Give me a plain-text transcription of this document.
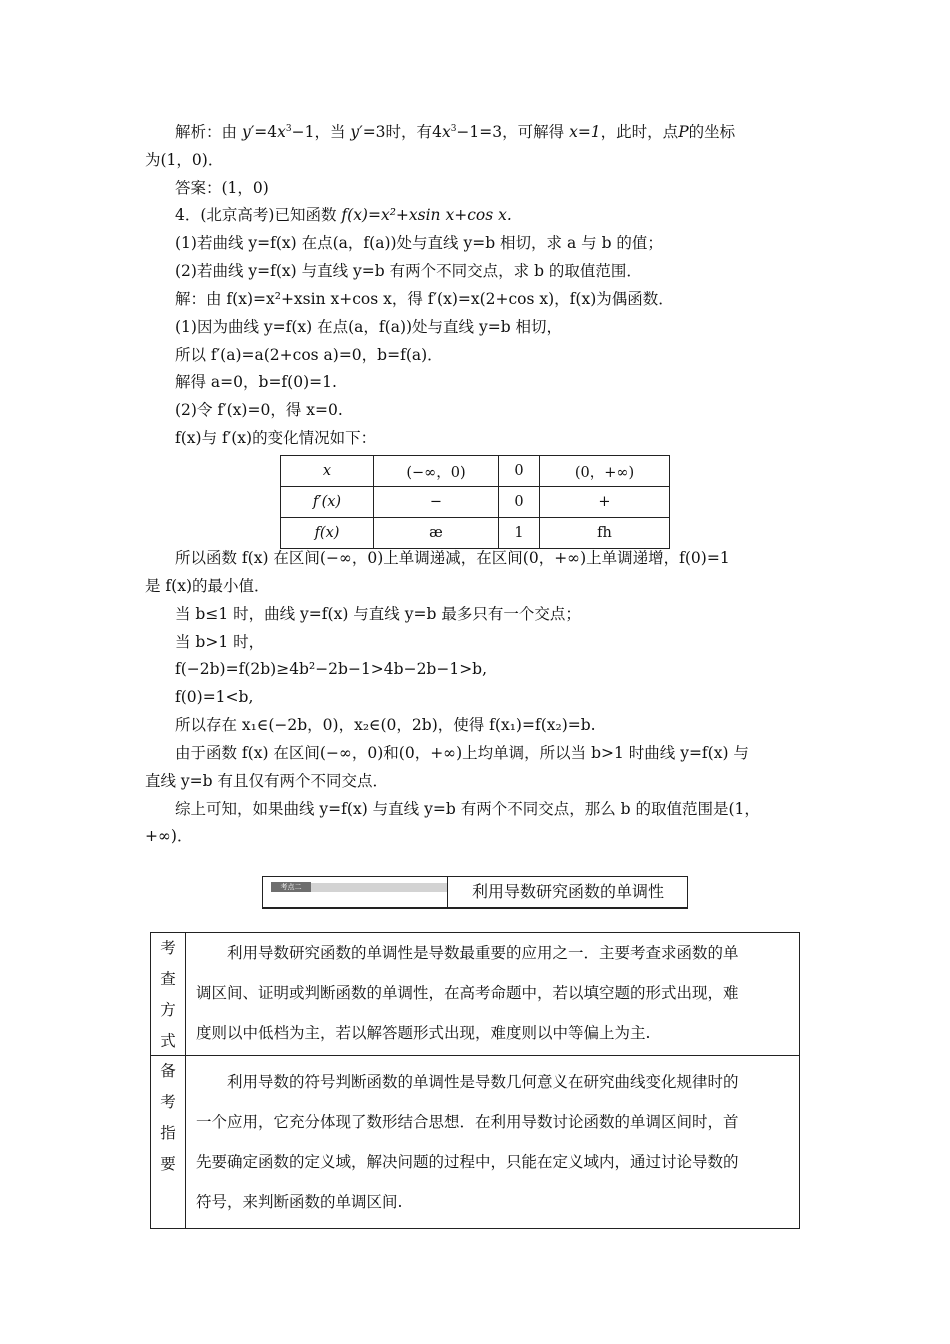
解析：由 $y'=4x^3-1$，当 y′=3时，有$4x^3-1=3$，可解得 x=1，此时，点P的坐标
为(1，0)．
答案：(1，0)
4．(北京高考)已知函数 f(x)=x²+xsin x+cos x.
(1)若曲线 y=f(x) 在点(a，f(a))处与直线 y=b 相切，求 a 与 b 的值；
(2)若曲线 y=f(x) 与直线 y=b 有两个不同交点，求 b 的取值范围．
解：由 f(x)=x²+xsin x+cos x，得 f′(x)=x(2+cos x)，f(x)为偶函数．
(1)因为曲线 y=f(x) 在点(a，f(a))处与直线 y=b 相切，
所以 f′(a)=a(2+cos a)=0，b=f(a)．
解得 a=0，b=f(0)=1.
(2)令 f′(x)=0，得 x=0.
f(x)与 f′(x)的变化情况如下：
x	(−∞，0)	0	(0，+∞)
f′(x)	−	0	+
f(x)	æ	1	fh
所以函数 f(x) 在区间(−∞，0)上单调递减，在区间(0，+∞)上单调递增，f(0)=1
是 f(x)的最小值．
当 b≤1 时，曲线 y=f(x) 与直线 y=b 最多只有一个交点；
当 b>1 时，
f(−2b)=f(2b)≥4b²−2b−1>4b−2b−1>b,
f(0)=1<b,
所以存在 x₁∈(−2b，0)，x₂∈(0，2b)，使得 f(x₁)=f(x₂)=b.
由于函数 f(x) 在区间(−∞，0)和(0，+∞)上均单调，所以当 b>1 时曲线 y=f(x) 与
直线 y=b 有且仅有两个不同交点．
综上可知，如果曲线 y=f(x) 与直线 y=b 有两个不同交点，那么 b 的取值范围是(1，
+∞)．
考点二	利用导数研究函数的单调性
考
查
方
式
　　利用导数研究函数的单调性是导数最重要的应用之一．主要考查求函数的单
调区间、证明或判断函数的单调性，在高考命题中，若以填空题的形式出现，难
度则以中低档为主，若以解答题形式出现，难度则以中等偏上为主.
备
考
指
要
　　利用导数的符号判断函数的单调性是导数几何意义在研究曲线变化规律时的
一个应用，它充分体现了数形结合思想．在利用导数讨论函数的单调区间时，首
先要确定函数的定义域，解决问题的过程中，只能在定义域内，通过讨论导数的
符号，来判断函数的单调区间.
